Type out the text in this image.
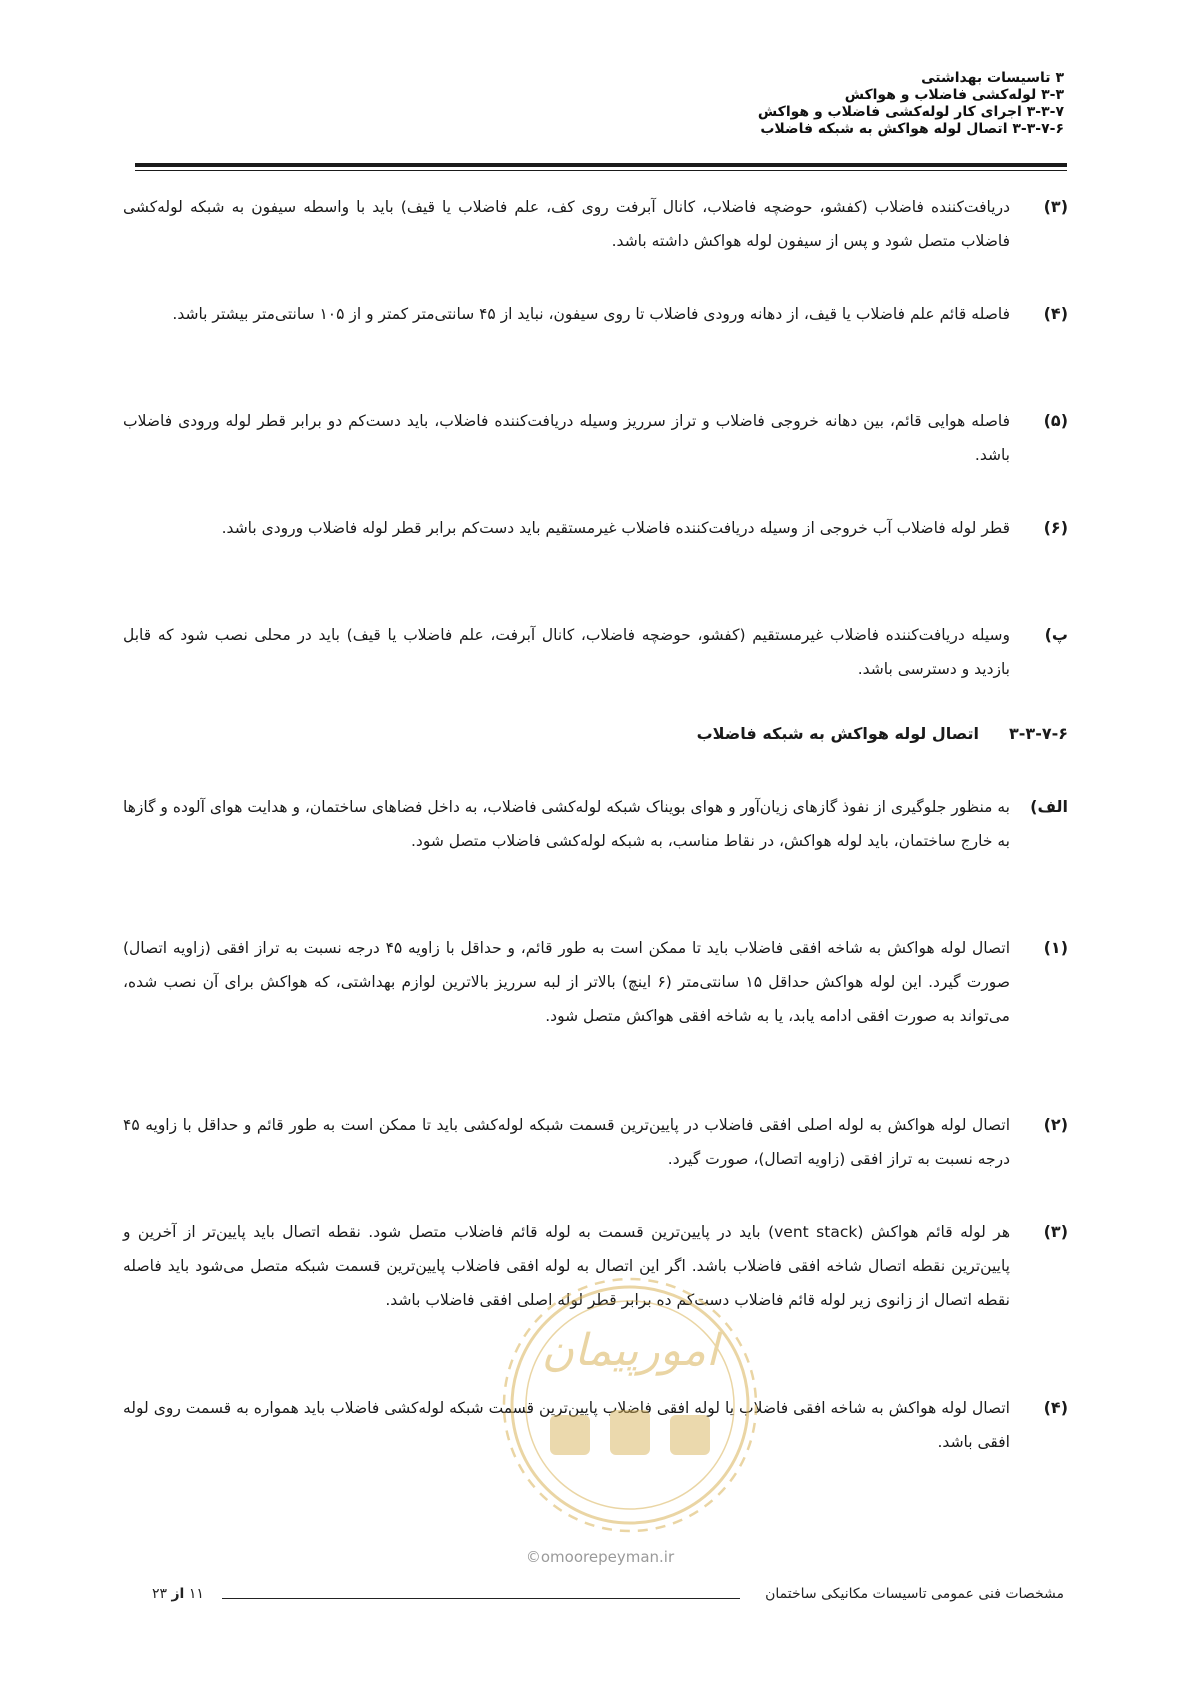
۳ تاسیسات بهداشتی
۳-۳ لوله‌کشی فاضلاب و هواکش
۳-۳-۷ اجرای کار لوله‌کشی فاضلاب و هواکش
۳-۳-۷-۶ اتصال لوله هواکش به شبکه فاضلاب
(۳)
دریافت‌کننده فاضلاب (کفشو، حوضچه فاضلاب، کانال آبرفت روی کف، علم فاضلاب یا قیف) باید با واسطه سیفون به شبکه لوله‌کشی فاضلاب متصل شود و پس از سیفون لوله هواکش داشته باشد.
(۴)
فاصله قائم علم فاضلاب یا قیف، از دهانه ورودی فاضلاب تا روی سیفون، نباید از ۴۵ سانتی‌متر کمتر و از ۱۰۵ سانتی‌متر بیشتر باشد.
(۵)
فاصله هوایی قائم، بین دهانه خروجی فاضلاب و تراز سرریز وسیله دریافت‌کننده فاضلاب، باید دست‌کم دو برابر قطر لوله ورودی فاضلاب باشد.
(۶)
قطر لوله فاضلاب آب خروجی از وسیله دریافت‌کننده فاضلاب غیرمستقیم باید دست‌کم برابر قطر لوله فاضلاب ورودی باشد.
پ)
وسیله دریافت‌کننده فاضلاب غیرمستقیم (کفشو، حوضچه فاضلاب، کانال آبرفت، علم فاضلاب یا قیف) باید در محلی نصب شود که قابل بازدید و دسترسی باشد.
۳-۳-۷-۶اتصال لوله هواکش به شبکه فاضلاب
الف)
به منظور جلوگیری از نفوذ گازهای زیان‌آور و هوای بویناک شبکه لوله‌کشی فاضلاب، به داخل فضاهای ساختمان، و هدایت هوای آلوده و گازها به خارج ساختمان، باید لوله هواکش، در نقاط مناسب، به شبکه لوله‌کشی فاضلاب متصل شود.
(۱)
اتصال لوله هواکش به شاخه افقی فاضلاب باید تا ممکن است به طور قائم، و حداقل با زاویه ۴۵ درجه نسبت به تراز افقی (زاویه اتصال) صورت گیرد. این لوله هواکش حداقل ۱۵ سانتی‌متر (۶ اینچ) بالاتر از لبه سرریز بالاترین لوازم بهداشتی، که هواکش برای آن نصب شده، می‌تواند به صورت افقی ادامه یابد، یا به شاخه افقی هواکش متصل شود.
(۲)
اتصال لوله هواکش به لوله اصلی افقی فاضلاب در پایین‌ترین قسمت شبکه لوله‌کشی باید تا ممکن است به طور قائم و حداقل با زاویه ۴۵ درجه نسبت به تراز افقی (زاویه اتصال)، صورت گیرد.
(۳)
هر لوله قائم هواکش (vent stack) باید در پایین‌ترین قسمت به لوله قائم فاضلاب متصل شود. نقطه اتصال باید پایین‌تر از آخرین و پایین‌ترین نقطه اتصال شاخه افقی فاضلاب باشد. اگر این اتصال به لوله افقی فاضلاب پایین‌ترین قسمت شبکه متصل می‌شود باید فاصله نقطه اتصال از زانوی زیر لوله قائم فاضلاب دست‌کم ده برابر قطر لوله اصلی افقی فاضلاب باشد.
(۴)
اتصال لوله هواکش به شاخه افقی فاضلاب یا لوله افقی فاضلاب پایین‌ترین قسمت شبکه لوله‌کشی فاضلاب باید همواره به قسمت روی لوله افقی باشد.
امورپیمان
©omoorepeyman.ir
مشخصات فنی عمومی تاسیسات مکانیکی ساختمان
۱۱ از ۲۳
